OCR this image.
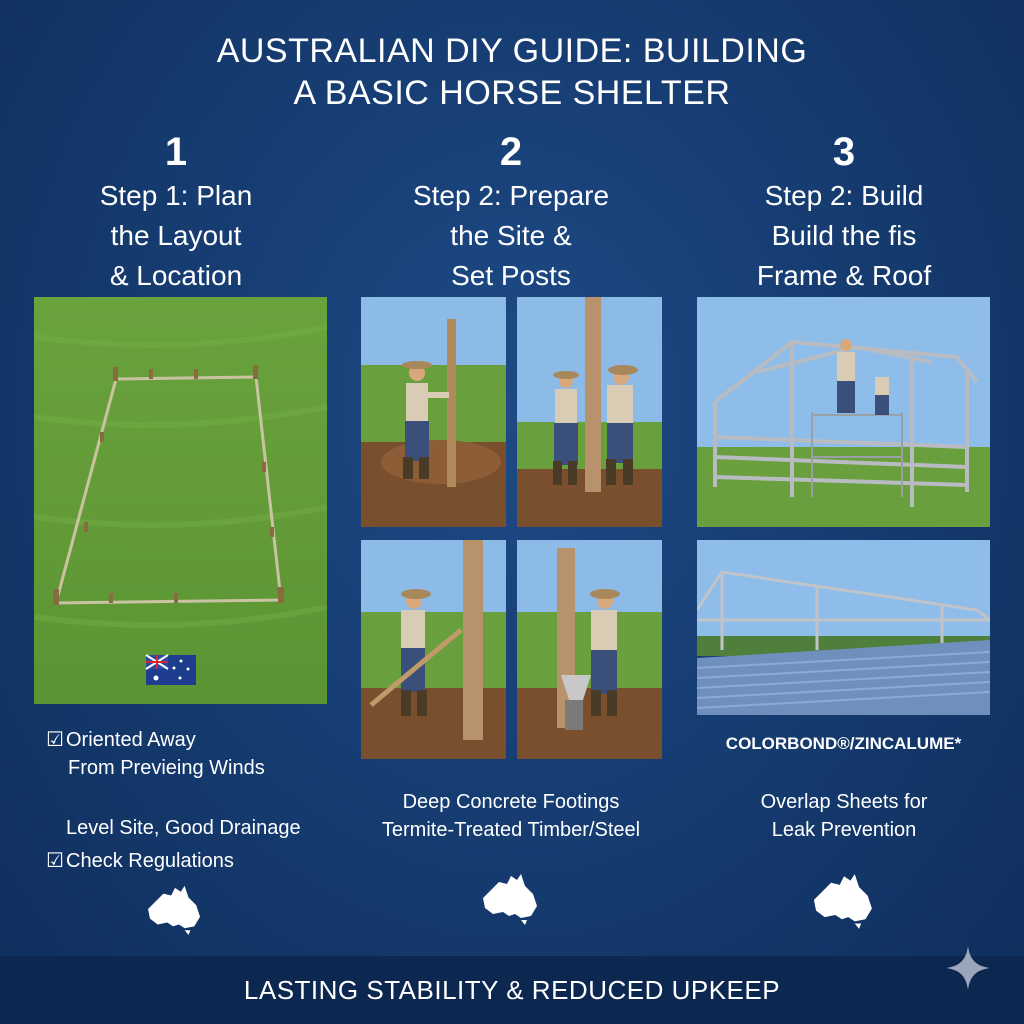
AUSTRALIAN DIY GUIDE: BUILDING
A BASIC HORSE SHELTER
1
Step 1: Plan
the Layout
& Location
2
Step 2: Prepare
the Site &
Set Posts
3
Step 2: Build
Build the fis
Frame & Roof
COLORBOND®/ZINCALUME*
☑ Oriented Away
From Previeing Winds
Level Site, Good Drainage
☑ Check Regulations
Deep Concrete Footings
Termite-Treated Timber/Steel
Overlap Sheets for
Leak Prevention
LASTING STABILITY & REDUCED UPKEEP
